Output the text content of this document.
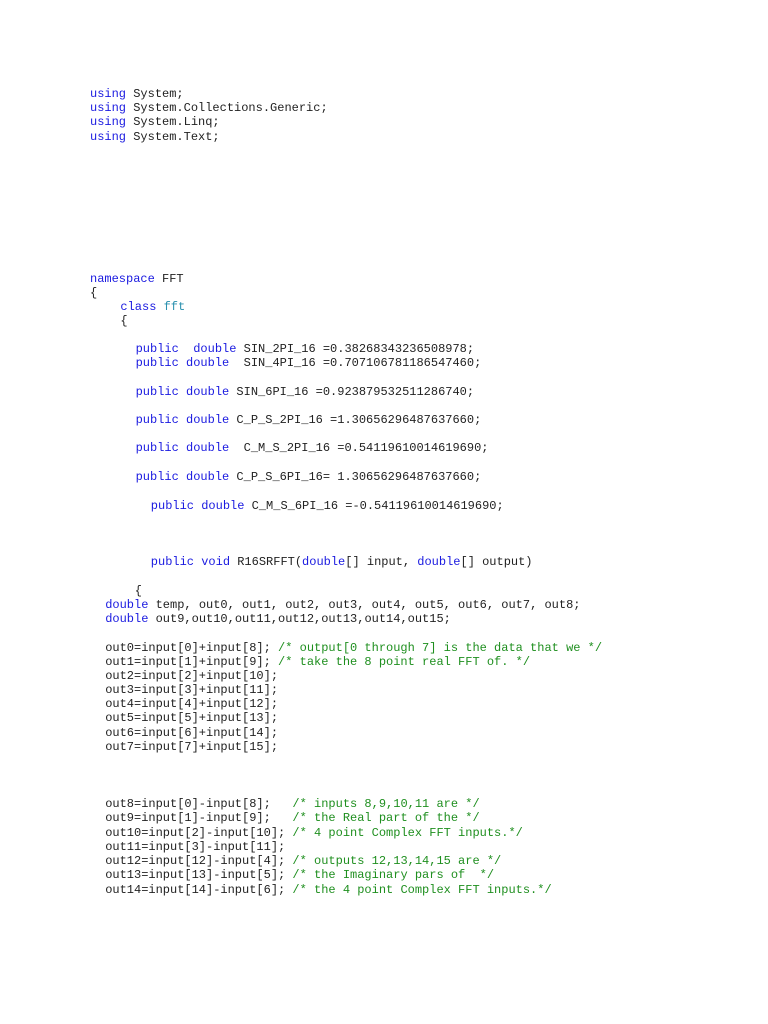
using System;
using System.Collections.Generic;
using System.Linq;
using System.Text;
namespace FFT
{
class fft
{
public double SIN_2PI_16 =0.38268343236508978;
public double  SIN_4PI_16 =0.707106781186547460;
public double SIN_6PI_16 =0.923879532511286740;
public double C_P_S_2PI_16 =1.30656296487637660;
public double  C_M_S_2PI_16 =0.54119610014619690;
public double C_P_S_6PI_16= 1.30656296487637660;
public double C_M_S_6PI_16 =-0.54119610014619690;
public void R16SRFFT(double[] input, double[] output)
{
double temp, out0, out1, out2, out3, out4, out5, out6, out7, out8;
double out9,out10,out11,out12,out13,out14,out15;
out0=input[0]+input[8]; /* output[0 through 7] is the data that we */
out1=input[1]+input[9]; /* take the 8 point real FFT of. */
out2=input[2]+input[10];
out3=input[3]+input[11];
out4=input[4]+input[12];
out5=input[5]+input[13];
out6=input[6]+input[14];
out7=input[7]+input[15];
out8=input[0]-input[8];   /* inputs 8,9,10,11 are */
out9=input[1]-input[9];   /* the Real part of the */
out10=input[2]-input[10]; /* 4 point Complex FFT inputs.*/
out11=input[3]-input[11];
out12=input[12]-input[4]; /* outputs 12,13,14,15 are */
out13=input[13]-input[5]; /* the Imaginary pars of  */
out14=input[14]-input[6]; /* the 4 point Complex FFT inputs.*/
